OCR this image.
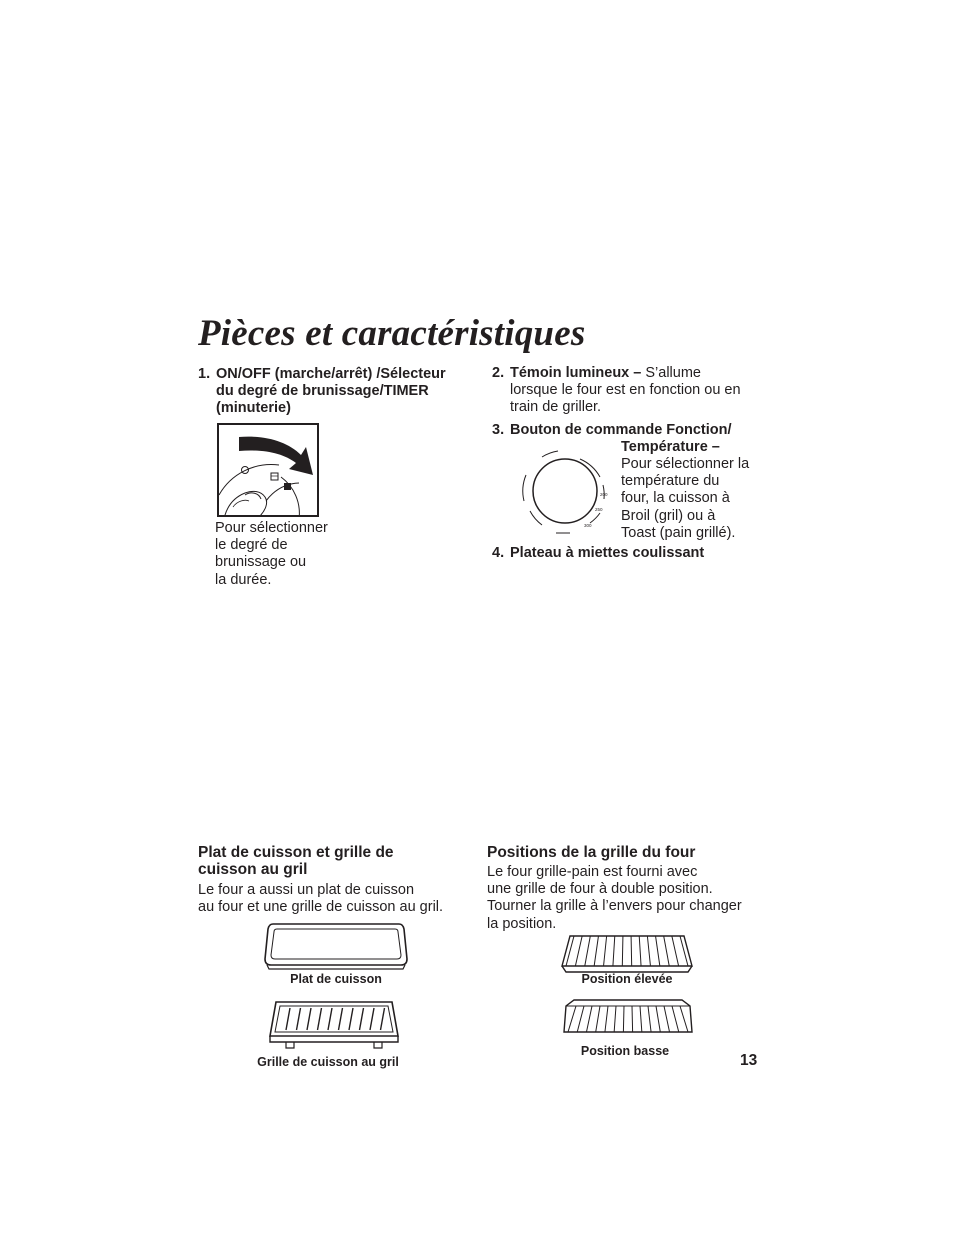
Pièces et caractéristiques
1. ON/OFF (marche/arrêt) /Sélecteur
du degré de brunissage/TIMER
(minuterie)
Pour sélectionner
le degré de
brunissage ou
la durée.
2. Témoin lumineux – S’allume
lorsque le four est en fonction ou en
train de griller.
3. Bouton de commande Fonction/
Température –
Pour sélectionner la
température du
four, la cuisson à
Broil (gril) ou à
Toast (pain grillé).
200
250
300
4. Plateau à miettes coulissant
Plat de cuisson et grille de
cuisson au gril
Le four a aussi un plat de cuisson
au four et une grille de cuisson au gril.
Plat de cuisson
Grille de cuisson au gril
Positions de la grille du four
Le four grille-pain est fourni avec
une grille de four à double position.
Tourner la grille à l’envers pour changer
la position.
Position élevée
Position basse
13
